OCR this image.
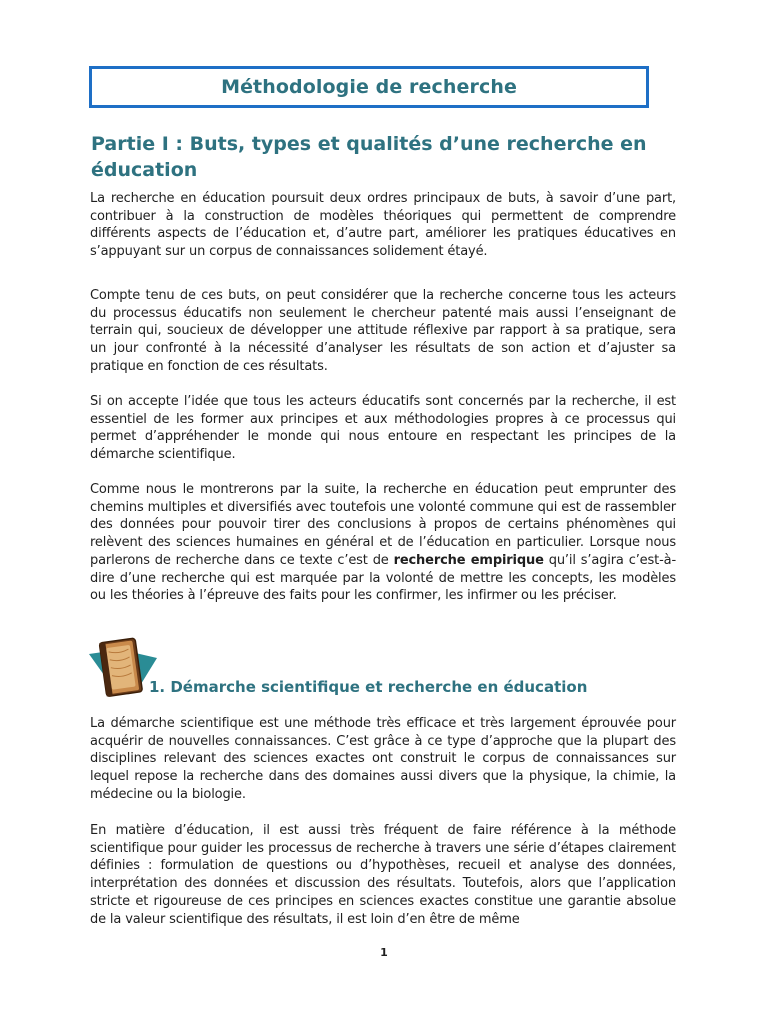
Méthodologie de recherche
Partie I : Buts, types et qualités d’une recherche en éducation

La recherche en éducation poursuit deux ordres principaux de buts, à savoir d’une part, contribuer à la construction de modèles théoriques qui permettent de comprendre différents aspects de l’éducation et, d’autre part, améliorer les pratiques éducatives en s’appuyant sur un corpus de connaissances solidement étayé.

Compte tenu de ces buts, on peut considérer que la recherche concerne tous les acteurs du processus éducatifs non seulement le chercheur patenté mais aussi l’enseignant de terrain qui, soucieux de développer une attitude réflexive par rapport à sa pratique, sera un jour confronté à la nécessité d’analyser les résultats de son action et d’ajuster sa pratique en fonction de ces résultats.

Si on accepte l’idée que tous les acteurs éducatifs sont concernés par la recherche, il est essentiel de les former aux principes et aux méthodologies propres à ce processus qui permet d’appréhender le monde qui nous entoure en respectant les principes de la démarche scientifique.

Comme nous le montrerons par la suite, la recherche en éducation peut emprunter des chemins multiples et diversifiés avec toutefois une volonté commune qui est de rassembler des données pour pouvoir tirer des conclusions à propos de certains phénomènes qui relèvent des sciences humaines en général et de l’éducation en particulier. Lorsque nous parlerons de recherche dans ce texte c’est de recherche empirique qu’il s’agira c’est-à-dire d’une recherche qui est marquée par la volonté de mettre les concepts, les modèles ou les théories à l’épreuve des faits pour les confirmer, les infirmer ou les préciser.

1. Démarche scientifique et recherche en éducation

La démarche scientifique est une méthode très efficace et très largement éprouvée pour acquérir de nouvelles connaissances. C’est grâce à ce type d’approche que la plupart des disciplines relevant des sciences exactes ont construit le corpus de connaissances sur lequel repose la recherche dans des domaines aussi divers que la physique, la chimie, la médecine ou la biologie.

En matière d’éducation, il est aussi très fréquent de faire référence à la méthode scientifique pour guider les processus de recherche à travers une série d’étapes clairement définies : formulation de questions ou d’hypothèses, recueil et analyse des données, interprétation des données et discussion des résultats. Toutefois, alors que l’application stricte et rigoureuse de ces principes en sciences exactes constitue une garantie absolue de la valeur scientifique des résultats, il est loin d’en être de même

1
